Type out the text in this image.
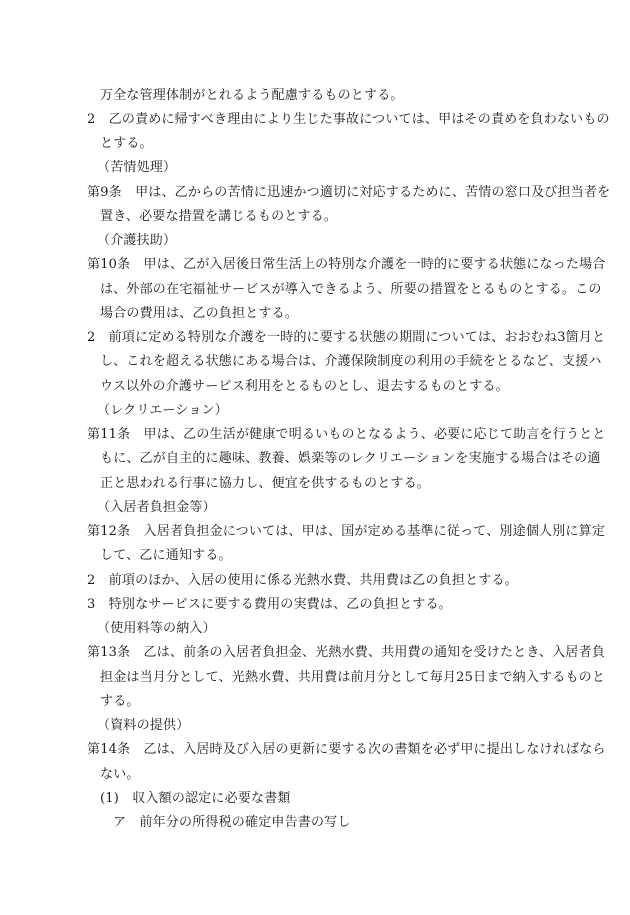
万全な管理体制がとれるよう配慮するものとする。
2　乙の責めに帰すべき理由により生じた事故については、甲はその責めを負わないもの
とする。
（苦情処理）
第9条　甲は、乙からの苦情に迅速かつ適切に対応するために、苦情の窓口及び担当者を
置き、必要な措置を講じるものとする。
（介護扶助）
第10条　甲は、乙が入居後日常生活上の特別な介護を一時的に要する状態になった場合
は、外部の在宅福祉サービスが導入できるよう、所要の措置をとるものとする。この
場合の費用は、乙の負担とする。
2　前項に定める特別な介護を一時的に要する状態の期間については、おおむね3箇月と
し、これを超える状態にある場合は、介護保険制度の利用の手続をとるなど、支援ハ
ウス以外の介護サービス利用をとるものとし、退去するものとする。
（レクリエーション）
第11条　甲は、乙の生活が健康で明るいものとなるよう、必要に応じて助言を行うとと
もに、乙が自主的に趣味、教養、娯楽等のレクリエーションを実施する場合はその適
正と思われる行事に協力し、便宜を供するものとする。
（入居者負担金等）
第12条　入居者負担金については、甲は、国が定める基準に従って、別途個人別に算定
して、乙に通知する。
2　前項のほか、入居の使用に係る光熱水費、共用費は乙の負担とする。
3　特別なサービスに要する費用の実費は、乙の負担とする。
（使用料等の納入）
第13条　乙は、前条の入居者負担金、光熱水費、共用費の通知を受けたとき、入居者負
担金は当月分として、光熱水費、共用費は前月分として毎月25日まで納入するものと
する。
（資料の提供）
第14条　乙は、入居時及び入居の更新に要する次の書類を必ず甲に提出しなければなら
ない。
(1)　収入額の認定に必要な書類
ア　前年分の所得税の確定申告書の写し
